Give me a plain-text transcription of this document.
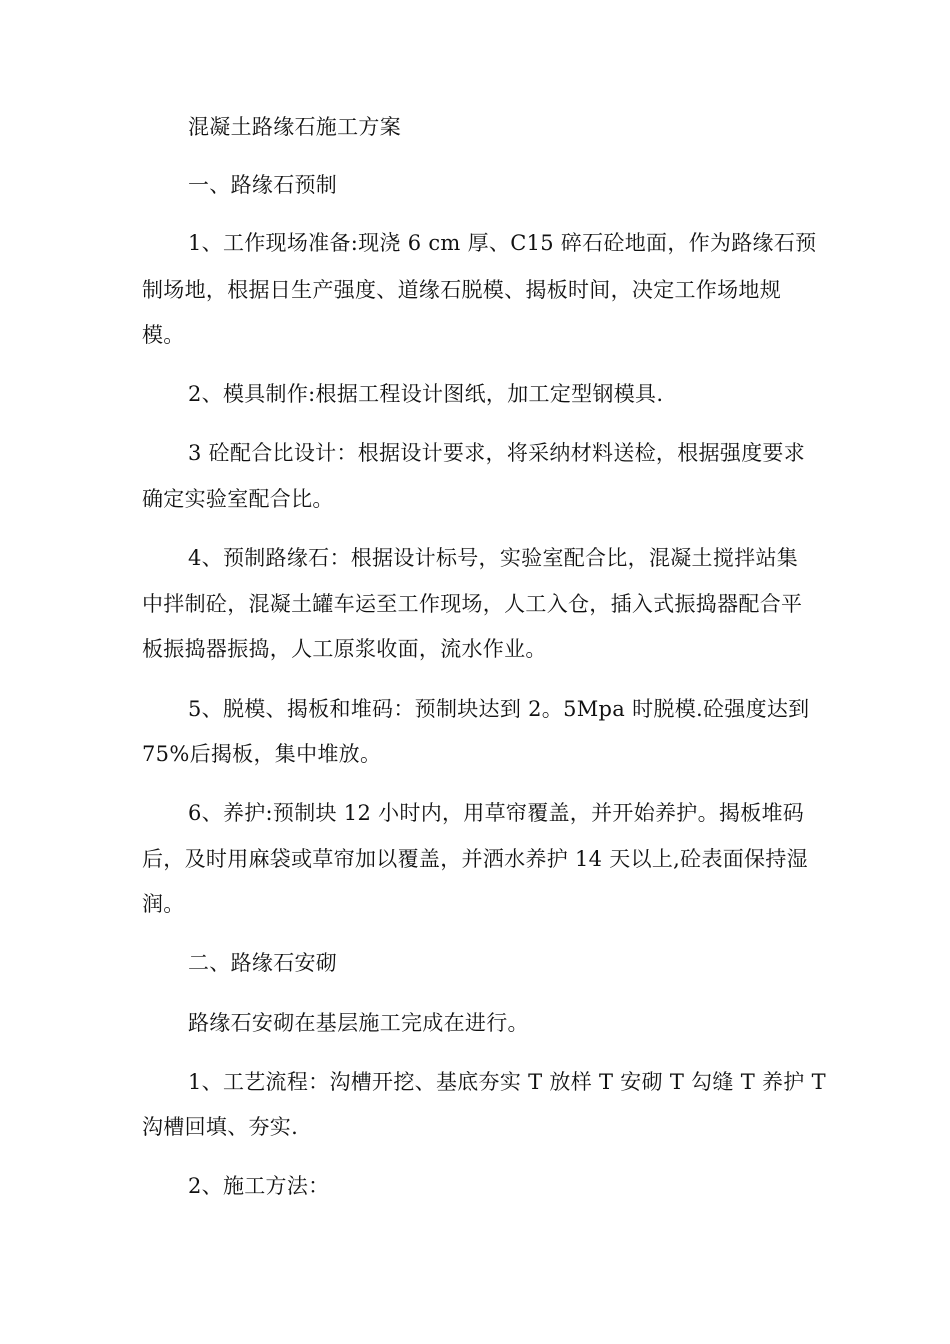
混凝土路缘石施工方案
一、路缘石预制
1、工作现场准备:现浇 6 cm 厚、C15 碎石砼地面，作为路缘石预
制场地，根据日生产强度、道缘石脱模、揭板时间，决定工作场地规
模。
2、模具制作:根据工程设计图纸，加工定型钢模具.
3 砼配合比设计：根据设计要求，将采纳材料送检，根据强度要求
确定实验室配合比。
4、预制路缘石：根据设计标号，实验室配合比，混凝土搅拌站集
中拌制砼，混凝土罐车运至工作现场，人工入仓，插入式振捣器配合平
板振捣器振捣，人工原浆收面，流水作业。
5、脱模、揭板和堆码：预制块达到 2。5Mpa 时脱模.砼强度达到
75%后揭板，集中堆放。
6、养护:预制块 12 小时内，用草帘覆盖，并开始养护。揭板堆码
后，及时用麻袋或草帘加以覆盖，并洒水养护 14 天以上,砼表面保持湿
润。
二、路缘石安砌
路缘石安砌在基层施工完成在进行。
1、工艺流程：沟槽开挖、基底夯实 T 放样 T 安砌 T 勾缝 T 养护 T
沟槽回填、夯实.
2、施工方法：
